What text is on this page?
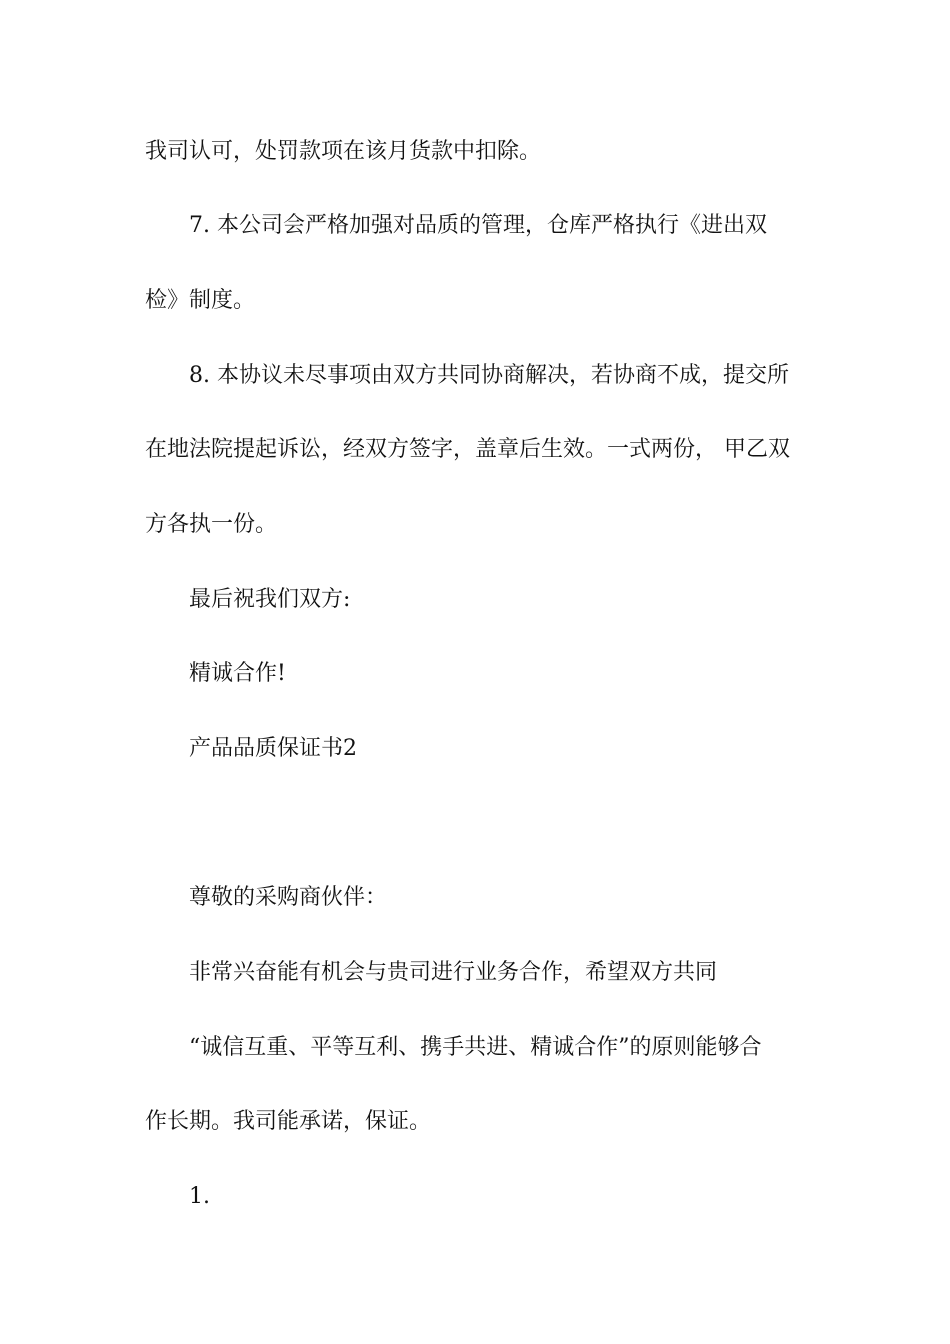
我司认可，处罚款项在该月货款中扣除。
7. 本公司会严格加强对品质的管理，仓库严格执行《进出双
检》制度。
8. 本协议未尽事项由双方共同协商解决，若协商不成，提交所
在地法院提起诉讼，经双方签字，盖章后生效。一式两份， 甲乙双
方各执一份。
最后祝我们双方:
精诚合作!
产品品质保证书2
尊敬的采购商伙伴：
非常兴奋能有机会与贵司进行业务合作，希望双方共同
“诚信互重、平等互利、携手共进、精诚合作”的原则能够合
作长期。我司能承诺，保证。
1.
